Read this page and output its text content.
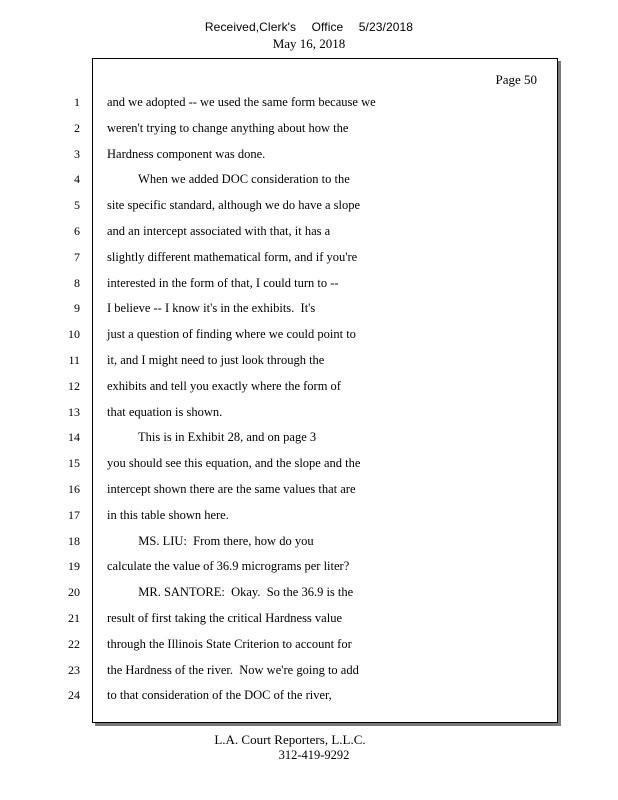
Received,Clerk's Office 5/23/2018
May 16, 2018
Page 50
1
2
3
4
5
6
7
8
9
10
11
12
13
14
15
16
17
18
19
20
21
22
23
24
and we adopted -- we used the same form because we
weren't trying to change anything about how the
Hardness component was done.
When we added DOC consideration to the
site specific standard, although we do have a slope
and an intercept associated with that, it has a
slightly different mathematical form, and if you're
interested in the form of that, I could turn to --
I believe -- I know it's in the exhibits.  It's
just a question of finding where we could point to
it, and I might need to just look through the
exhibits and tell you exactly where the form of
that equation is shown.
This is in Exhibit 28, and on page 3
you should see this equation, and the slope and the
intercept shown there are the same values that are
in this table shown here.
MS. LIU:  From there, how do you
calculate the value of 36.9 micrograms per liter?
MR. SANTORE:  Okay.  So the 36.9 is the
result of first taking the critical Hardness value
through the Illinois State Criterion to account for
the Hardness of the river.  Now we're going to add
to that consideration of the DOC of the river,
L.A. Court Reporters, L.L.C.
312-419-9292
